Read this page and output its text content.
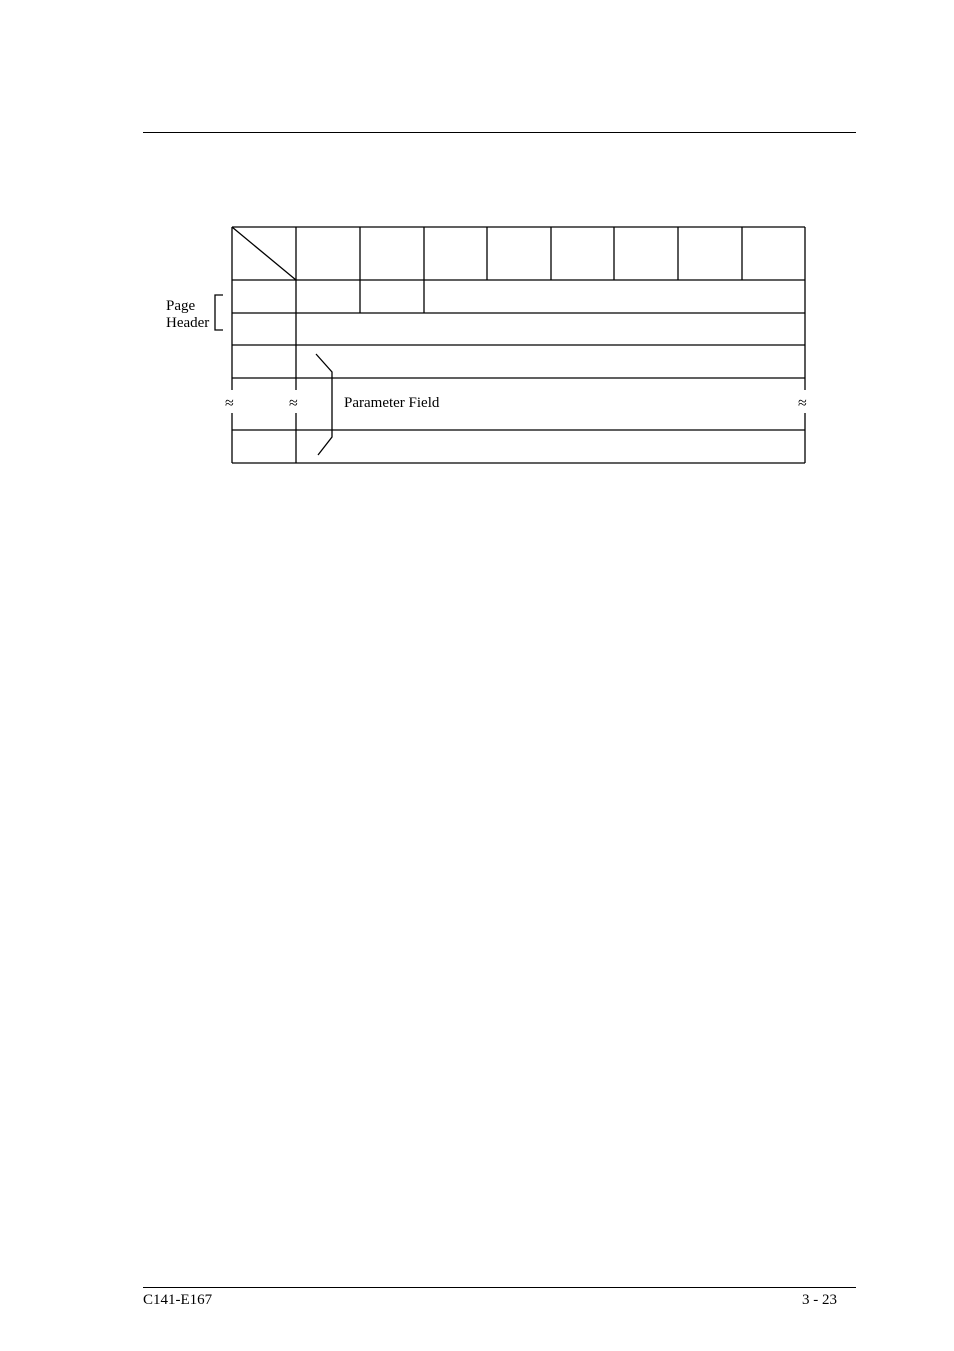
Page
Header
Parameter Field
≈	≈	≈
C141-E167	3 - 23
